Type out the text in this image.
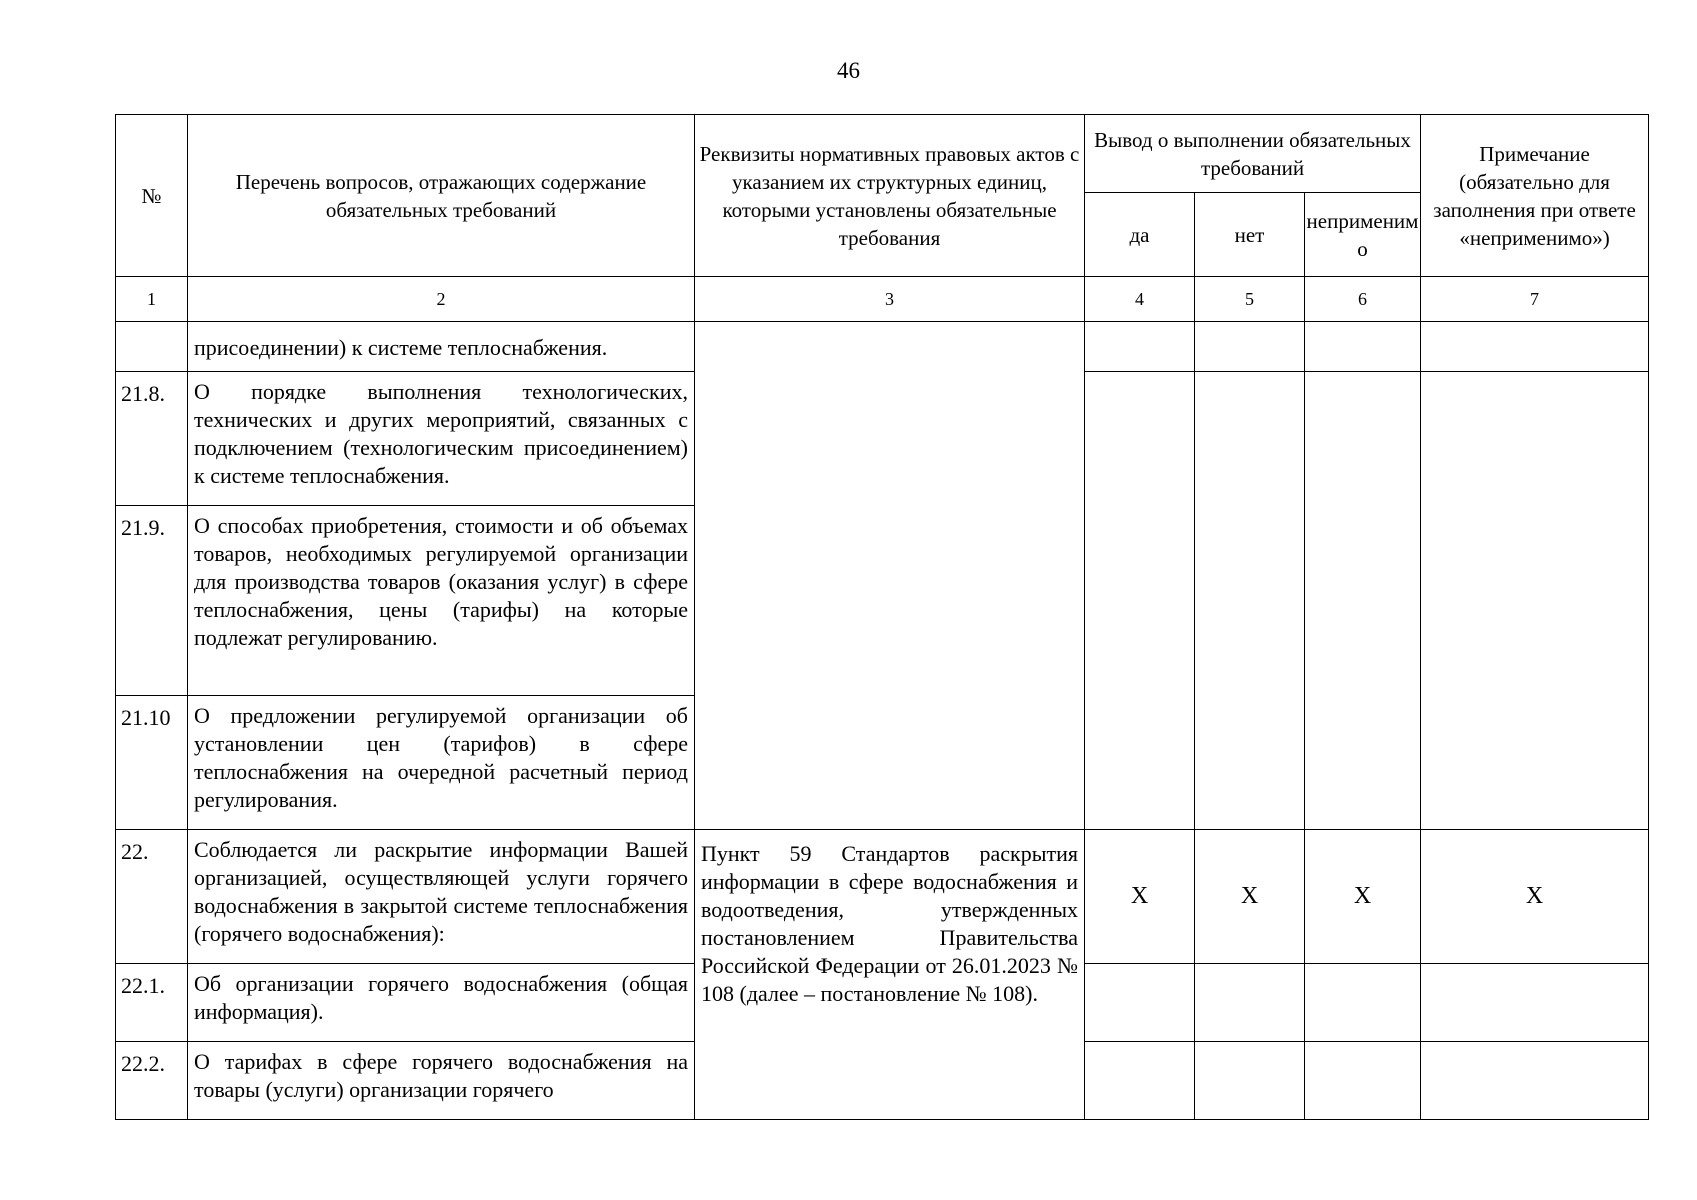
46
№	Перечень вопросов, отражающих содержание обязательных требований	Реквизиты нормативных правовых актов с указанием их структурных единиц, которыми установлены обязательные требования	Вывод о выполнении обязательных требований			Примечание (обязательно для заполнения при ответе «неприменимо»)
			да	нет	неприменимо	
1	2	3	4	5	6	7
	присоединении) к системе теплоснабжения.					
21.8.	О порядке выполнения технологических, технических и других мероприятий, связанных с подключением (технологическим присоединением) к системе теплоснабжения.					
21.9.	О способах приобретения, стоимости и об объемах товаров, необходимых регулируемой организации для производства товаров (оказания услуг) в сфере теплоснабжения, цены (тарифы) на которые подлежат регулированию.					
21.10	О предложении регулируемой организации об установлении цен (тарифов) в сфере теплоснабжения на очередной расчетный период регулирования.					
22.	Соблюдается ли раскрытие информации Вашей организацией, осуществляющей услуги горячего водоснабжения в закрытой системе теплоснабжения (горячего водоснабжения):	Пункт 59 Стандартов раскрытия информации в сфере водоснабжения и водоотведения, утвержденных постановлением Правительства Российской Федерации от 26.01.2023 № 108 (далее – постановление № 108).	X	X	X	X
22.1.	Об организации горячего водоснабжения (общая информация).					
22.2.	О тарифах в сфере горячего водоснабжения на товары (услуги) организации горячего					
